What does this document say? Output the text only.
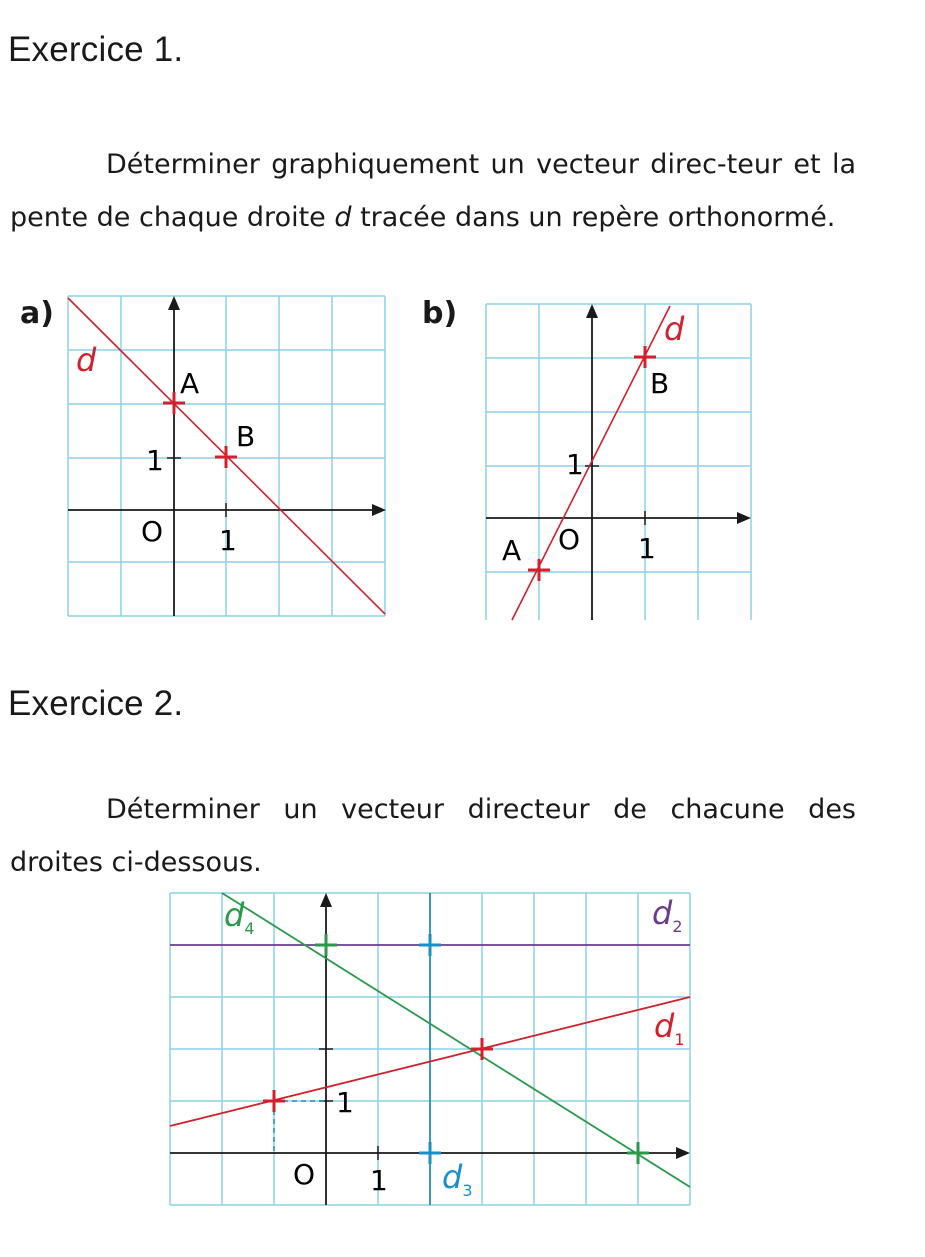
Exercice 1.

Déterminer graphiquement un vecteur direc-teur et la pente de chaque droite d tracée dans un repère orthonormé.

a)	b)
d
A
B
1
O 1
d
B
1
A O 1
Exercice 2.

Déterminer un vecteur directeur de chacune des droites ci-dessous.

$d_4$	$d_2$
$d_1$
$d_3$
1
O 1
